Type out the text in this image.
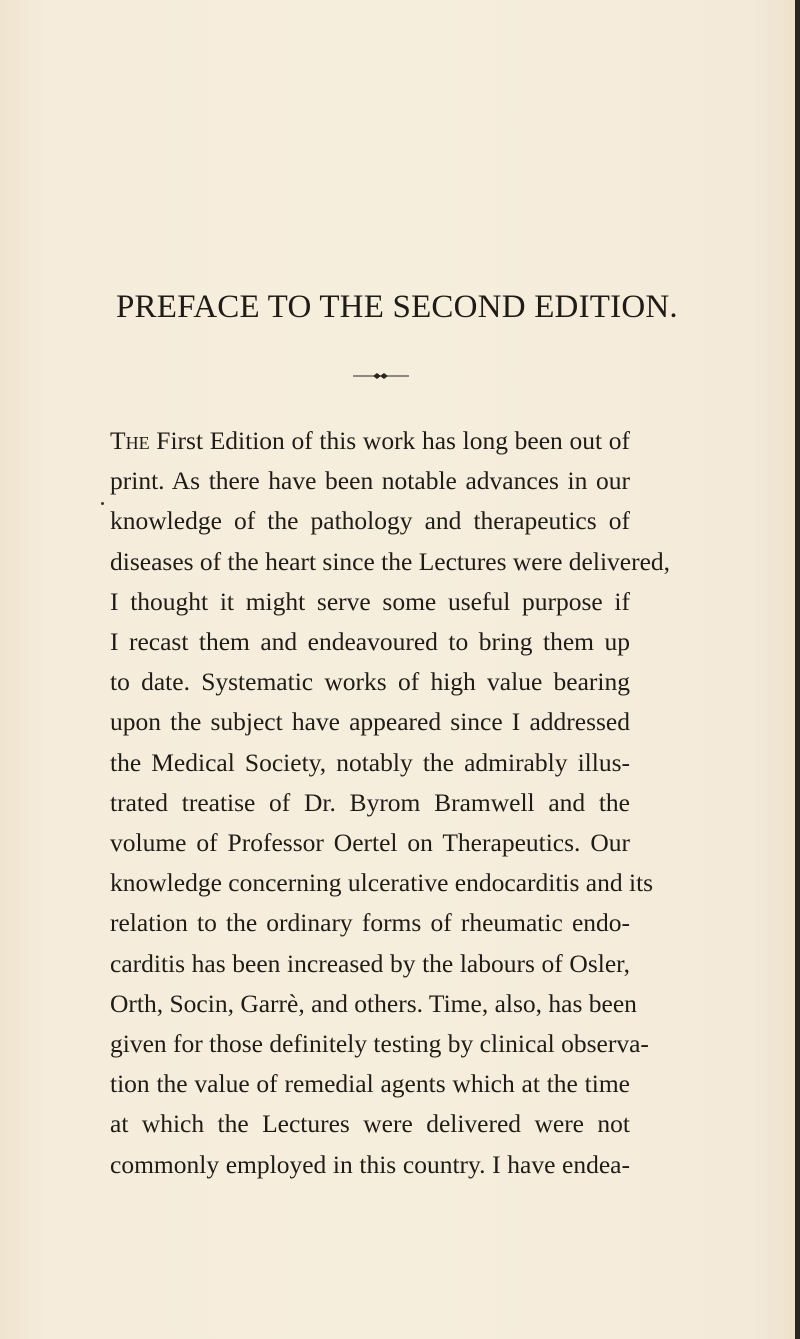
PREFACE TO THE SECOND EDITION.
The First Edition of this work has long been out of
print. As there have been notable advances in our
knowledge of the pathology and therapeutics of
diseases of the heart since the Lectures were delivered,
I thought it might serve some useful purpose if
I recast them and endeavoured to bring them up
to date. Systematic works of high value bearing
upon the subject have appeared since I addressed
the Medical Society, notably the admirably illus-
trated treatise of Dr. Byrom Bramwell and the
volume of Professor Oertel on Therapeutics. Our
knowledge concerning ulcerative endocarditis and its
relation to the ordinary forms of rheumatic endo-
carditis has been increased by the labours of Osler,
Orth, Socin, Garrè, and others. Time, also, has been
given for those definitely testing by clinical observa-
tion the value of remedial agents which at the time
at which the Lectures were delivered were not
commonly employed in this country. I have endea-
